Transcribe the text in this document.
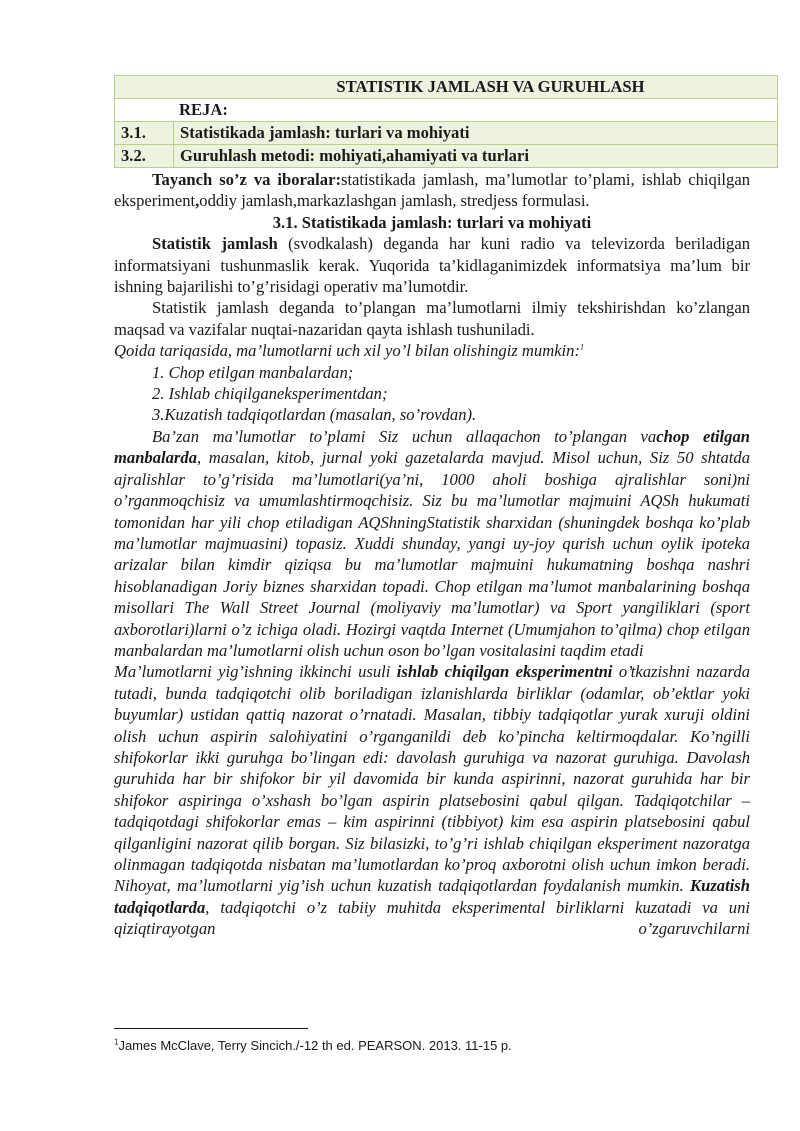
STATISTIK JAMLASH VA GURUHLASH	
REJA:	
3.1.	Statistikada jamlash: turlari va mohiyati
3.2.	Guruhlash metodi: mohiyati,ahamiyati va turlari

Tayanch so’z va iboralar:statistikada jamlash, ma’lumotlar to’plami, ishlab chiqilgan eksperiment,oddiy jamlash,markazlashgan jamlash, stredjess formulasi.

3.1. Statistikada jamlash: turlari va mohiyati

Statistik jamlash (svodkalash) deganda har kuni radio va televizorda beriladigan informatsiyani tushunmaslik kerak. Yuqorida ta’kidlaganimizdek informatsiya ma’lum bir ishning bajarilishi to’g’risidagi operativ ma’lumotdir.

Statistik jamlash deganda to’plangan ma’lumotlarni ilmiy tekshirishdan ko’zlangan maqsad va vazifalar nuqtai-nazaridan qayta ishlash tushuniladi.

Qoida tariqasida, ma’lumotlarni uch xil yo’l bilan olishingiz mumkin:$^1$

1. Chop etilgan manbalardan;
2. Ishlab chiqilganeksperimentdan;
3.Kuzatish tadqiqotlardan (masalan, so’rovdan).

Ba’zan ma’lumotlar to’plami Siz uchun allaqachon to’plangan vachop etilgan manbalarda, masalan, kitob, jurnal yoki gazetalarda mavjud. Misol uchun, Siz 50 shtatda ajralishlar to’g’risida ma’lumotlari(ya’ni, 1000 aholi boshiga ajralishlar soni)ni o’rganmoqchisiz va umumlashtirmoqchisiz. Siz bu ma’lumotlar majmuini AQSh hukumati tomonidan har yili chop etiladigan AQShningStatistik sharxidan (shuningdek boshqa ko’plab ma’lumotlar majmuasini) topasiz. Xuddi shunday, yangi uy-joy qurish uchun oylik ipoteka arizalar bilan kimdir qiziqsa bu ma’lumotlar majmuini hukumatning boshqa nashri hisoblanadigan Joriy biznes sharxidan topadi. Chop etilgan ma’lumot manbalarining boshqa misollari The Wall Street Journal (moliyaviy ma’lumotlar) va Sport yangiliklari (sport axborotlari)larni o’z ichiga oladi. Hozirgi vaqtda Internet (Umumjahon to’qilma) chop etilgan manbalardan ma’lumotlarni olish uchun oson bo’lgan vositalasini taqdim etadi

Ma’lumotlarni yig’ishning ikkinchi usuli ishlab chiqilgan eksperimentni o’tkazishni nazarda tutadi, bunda tadqiqotchi olib boriladigan izlanishlarda birliklar (odamlar, ob’ektlar yoki buyumlar) ustidan qattiq nazorat o’rnatadi. Masalan, tibbiy tadqiqotlar yurak xuruji oldini olish uchun aspirin salohiyatini o’rganganildi deb ko’pincha keltirmoqdalar. Ko’ngilli shifokorlar ikki guruhga bo’lingan edi: davolash guruhiga va nazorat guruhiga. Davolash guruhida har bir shifokor bir yil davomida bir kunda aspirinni, nazorat guruhida har bir shifokor aspiringa o’xshash bo’lgan aspirin platsebosini qabul qilgan. Tadqiqotchilar – tadqiqotdagi shifokorlar emas – kim aspirinni (tibbiyot) kim esa aspirin platsebosini qabul qilganligini nazorat qilib borgan. Siz bilasizki, to’g’ri ishlab chiqilgan eksperiment nazoratga olinmagan tadqiqotda nisbatan ma’lumotlardan ko’proq axborotni olish uchun imkon beradi. Nihoyat, ma’lumotlarni yig’ish uchun kuzatish tadqiqotlardan foydalanish mumkin. Kuzatish tadqiqotlarda, tadqiqotchi o’z tabiiy muhitda eksperimental birliklarni kuzatadi va uni qiziqtirayotgan o’zgaruvchilarni

$^1$James McClave, Terry Sincich./-12 th ed. PEARSON. 2013. 11-15 p.
